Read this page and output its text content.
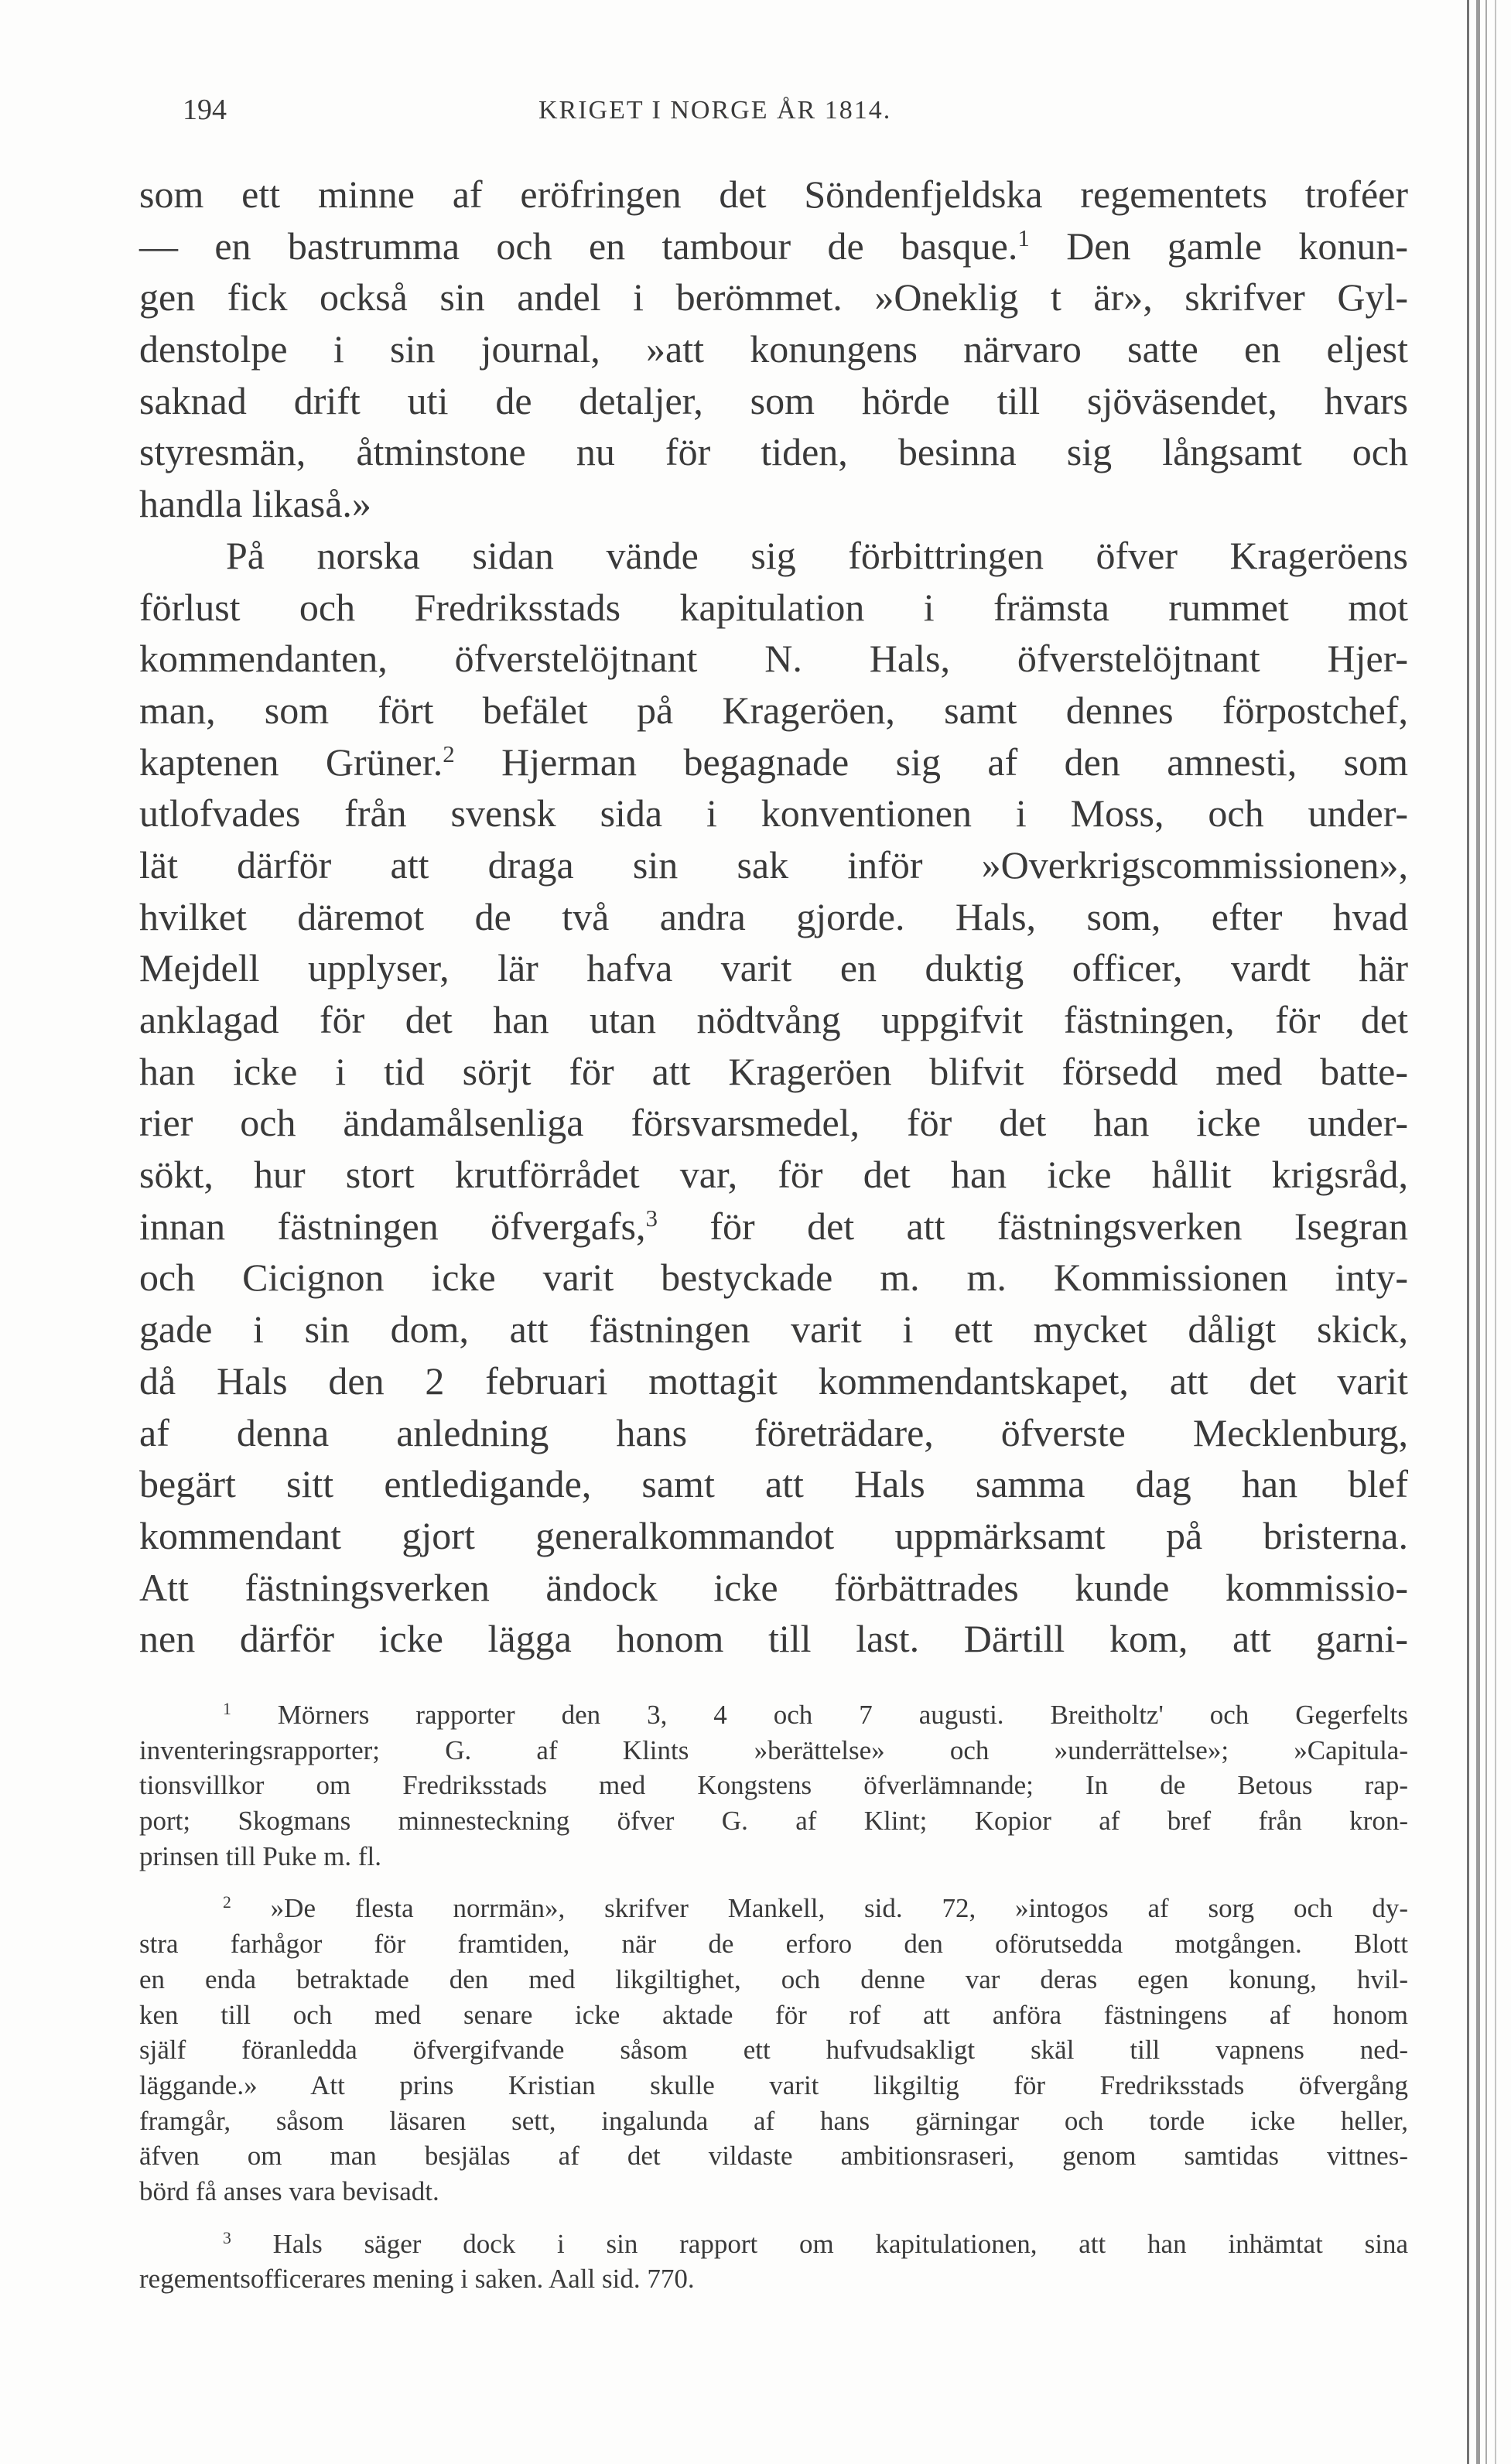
194	KRIGET I NORGE ÅR 1814.
som ett minne af eröfringen det Söndenfjeldska regementets troféer
— en bastrumma och en tambour de basque.$^1$ Den gamle konun-
gen fick också sin andel i berömmet. »Oneklig t är», skrifver Gyl-
denstolpe i sin journal, »att konungens närvaro satte en eljest
saknad drift uti de detaljer, som hörde till sjöväsendet, hvars
styresmän, åtminstone nu för tiden, besinna sig långsamt och
handla likaså.»
På norska sidan vände sig förbittringen öfver Krageröens
förlust och Fredriksstads kapitulation i främsta rummet mot
kommendanten, öfverstelöjtnant N. Hals, öfverstelöjtnant Hjer-
man, som fört befälet på Krageröen, samt dennes förpostchef,
kaptenen Grüner.$^2$ Hjerman begagnade sig af den amnesti, som
utlofvades från svensk sida i konventionen i Moss, och under-
lät därför att draga sin sak inför »Overkrigscommissionen»,
hvilket däremot de två andra gjorde. Hals, som, efter hvad
Mejdell upplyser, lär hafva varit en duktig officer, vardt här
anklagad för det han utan nödtvång uppgifvit fästningen, för det
han icke i tid sörjt för att Krageröen blifvit försedd med batte-
rier och ändamålsenliga försvarsmedel, för det han icke under-
sökt, hur stort krutförrådet var, för det han icke hållit krigsråd,
innan fästningen öfvergafs,$^3$ för det att fästningsverken Isegran
och Cicignon icke varit bestyckade m. m. Kommissionen inty-
gade i sin dom, att fästningen varit i ett mycket dåligt skick,
då Hals den 2 februari mottagit kommendantskapet, att det varit
af denna anledning hans företrädare, öfverste Mecklenburg,
begärt sitt entledigande, samt att Hals samma dag han blef
kommendant gjort generalkommandot uppmärksamt på bristerna.
Att fästningsverken ändock icke förbättrades kunde kommissio-
nen därför icke lägga honom till last. Därtill kom, att garni-
$^1$ Mörners rapporter den 3, 4 och 7 augusti. Breitholtz' och Gegerfelts
inventeringsrapporter; G. af Klints »berättelse» och »underrättelse»; »Capitula-
tionsvillkor om Fredriksstads med Kongstens öfverlämnande; In de Betous rap-
port; Skogmans minnesteckning öfver G. af Klint; Kopior af bref från kron-
prinsen till Puke m. fl.
$^2$ »De flesta norrmän», skrifver Mankell, sid. 72, »intogos af sorg och dy-
stra farhågor för framtiden, när de erforo den oförutsedda motgången. Blott
en enda betraktade den med likgiltighet, och denne var deras egen konung, hvil-
ken till och med senare icke aktade för rof att anföra fästningens af honom
själf föranledda öfvergifvande såsom ett hufvudsakligt skäl till vapnens ned-
läggande.» Att prins Kristian skulle varit likgiltig för Fredriksstads öfvergång
framgår, såsom läsaren sett, ingalunda af hans gärningar och torde icke heller,
äfven om man besjälas af det vildaste ambitionsraseri, genom samtidas vittnes-
börd få anses vara bevisadt.
$^3$ Hals säger dock i sin rapport om kapitulationen, att han inhämtat sina
regementsofficerares mening i saken. Aall sid. 770.
